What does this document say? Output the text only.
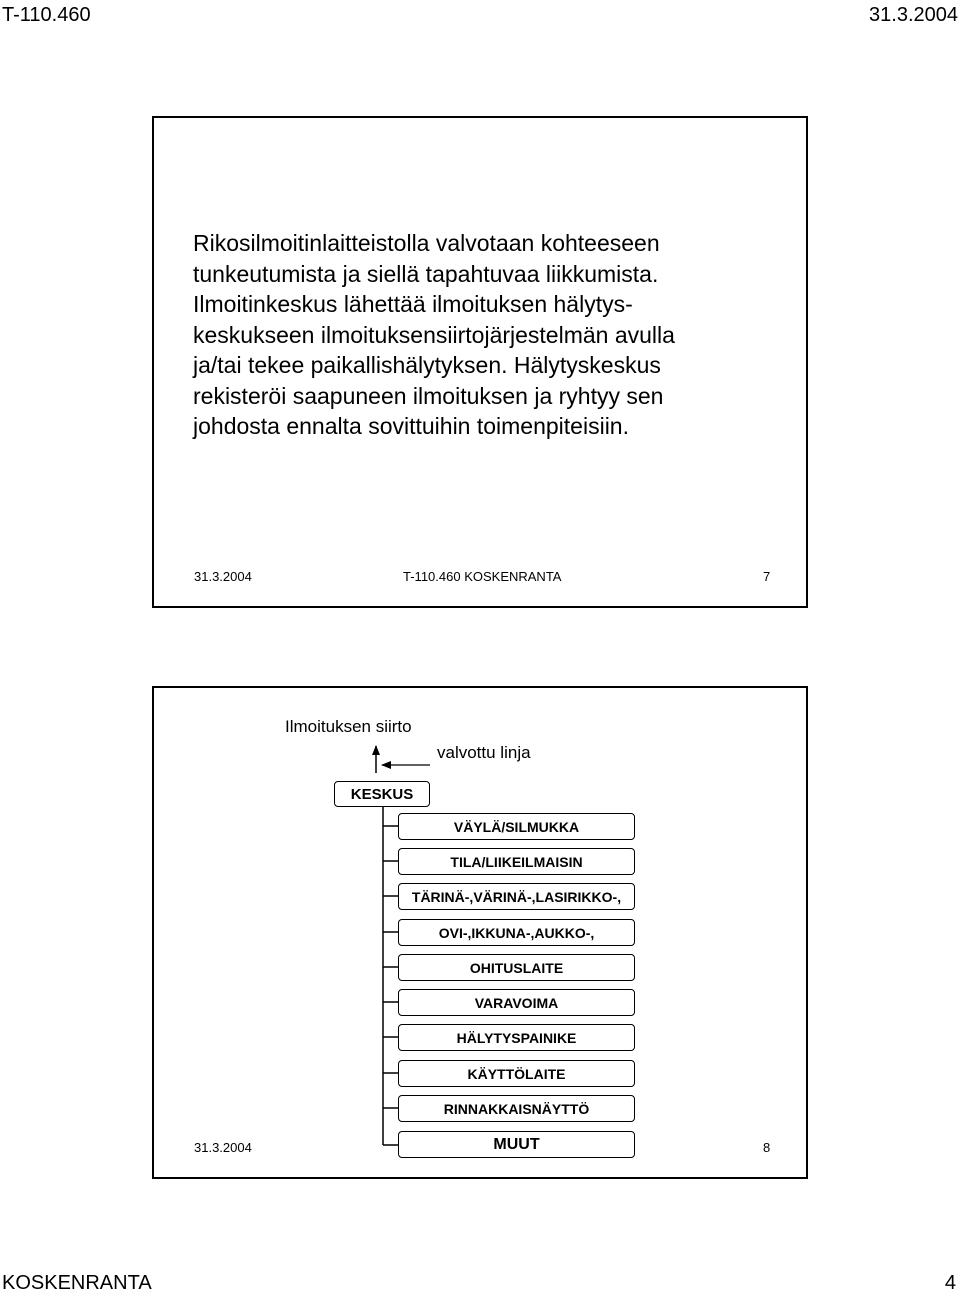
T-110.460	31.3.2004
Rikosilmoitinlaitteistolla valvotaan kohteeseen
tunkeutumista ja siellä tapahtuvaa liikkumista.
Ilmoitinkeskus lähettää ilmoituksen hälytys-
keskukseen ilmoituksensiirtojärjestelmän avulla
ja/tai tekee paikallishälytyksen. Hälytyskeskus
rekisteröi saapuneen ilmoituksen ja ryhtyy sen
johdosta ennalta sovittuihin toimenpiteisiin.
31.3.2004	T-110.460 KOSKENRANTA	7
Ilmoituksen siirto
valvottu linja
KESKUS
VÄYLÄ/SILMUKKA
TILA/LIIKEILMAISIN
TÄRINÄ-,VÄRINÄ-,LASIRIKKO-,
OVI-,IKKUNA-,AUKKO-,
OHITUSLAITE
VARAVOIMA
HÄLYTYSPAINIKE
KÄYTTÖLAITE
RINNAKKAISNÄYTTÖ
MUUT
31.3.2004	8
KOSKENRANTA	4
